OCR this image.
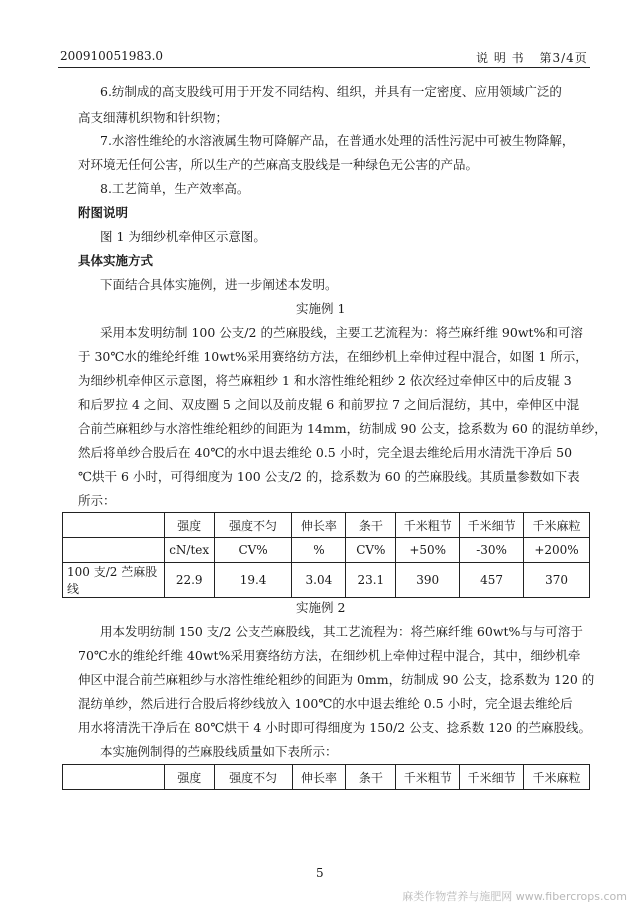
200910051983.0	说 明 书 第3/4页
6.纺制成的高支股线可用于开发不同结构、组织，并具有一定密度、应用领域广泛的
高支细薄机织物和针织物；
7.水溶性维纶的水溶液属生物可降解产品，在普通水处理的活性污泥中可被生物降解，
对环境无任何公害，所以生产的苎麻高支股线是一种绿色无公害的产品。
8.工艺简单，生产效率高。
附图说明
图 1 为细纱机牵伸区示意图。
具体实施方式
下面结合具体实施例，进一步阐述本发明。
实施例 1
采用本发明纺制 100 公支/2 的苎麻股线，主要工艺流程为：将苎麻纤维 90wt%和可溶
于 30℃水的维纶纤维 10wt%采用赛络纺方法，在细纱机上牵伸过程中混合，如图 1 所示，
为细纱机牵伸区示意图，将苎麻粗纱 1 和水溶性维纶粗纱 2 依次经过牵伸区中的后皮辊 3
和后罗拉 4 之间、双皮圈 5 之间以及前皮辊 6 和前罗拉 7 之间后混纺，其中，牵伸区中混
合前苎麻粗纱与水溶性维纶粗纱的间距为 14mm，纺制成 90 公支，捻系数为 60 的混纺单纱，
然后将单纱合股后在 40℃的水中退去维纶 0.5 小时，完全退去维纶后用水清洗干净后 50
℃烘干 6 小时，可得细度为 100 公支/2 的，捻系数为 60 的苎麻股线。其质量参数如下表
所示：
	强度	强度不匀	伸长率	条干	千米粗节	千米细节	千米麻粒
	cN/tex	CV%	%	CV%	+50%	-30%	+200%
100 支/2 苎麻股线	22.9	19.4	3.04	23.1	390	457	370
实施例 2
用本发明纺制 150 支/2 公支苎麻股线，其工艺流程为：将苎麻纤维 60wt%与与可溶于
70℃水的维纶纤维 40wt%采用赛络纺方法，在细纱机上牵伸过程中混合，其中，细纱机牵
伸区中混合前苎麻粗纱与水溶性维纶粗纱的间距为 0mm，纺制成 90 公支，捻系数为 120 的
混纺单纱，然后进行合股后将纱线放入 100℃的水中退去维纶 0.5 小时，完全退去维纶后
用水将清洗干净后在 80℃烘干 4 小时即可得细度为 150/2 公支、捻系数 120 的苎麻股线。
本实施例制得的苎麻股线质量如下表所示：
	强度	强度不匀	伸长率	条干	千米粗节	千米细节	千米麻粒
5
麻类作物营养与施肥网 www.fibercrops.com
